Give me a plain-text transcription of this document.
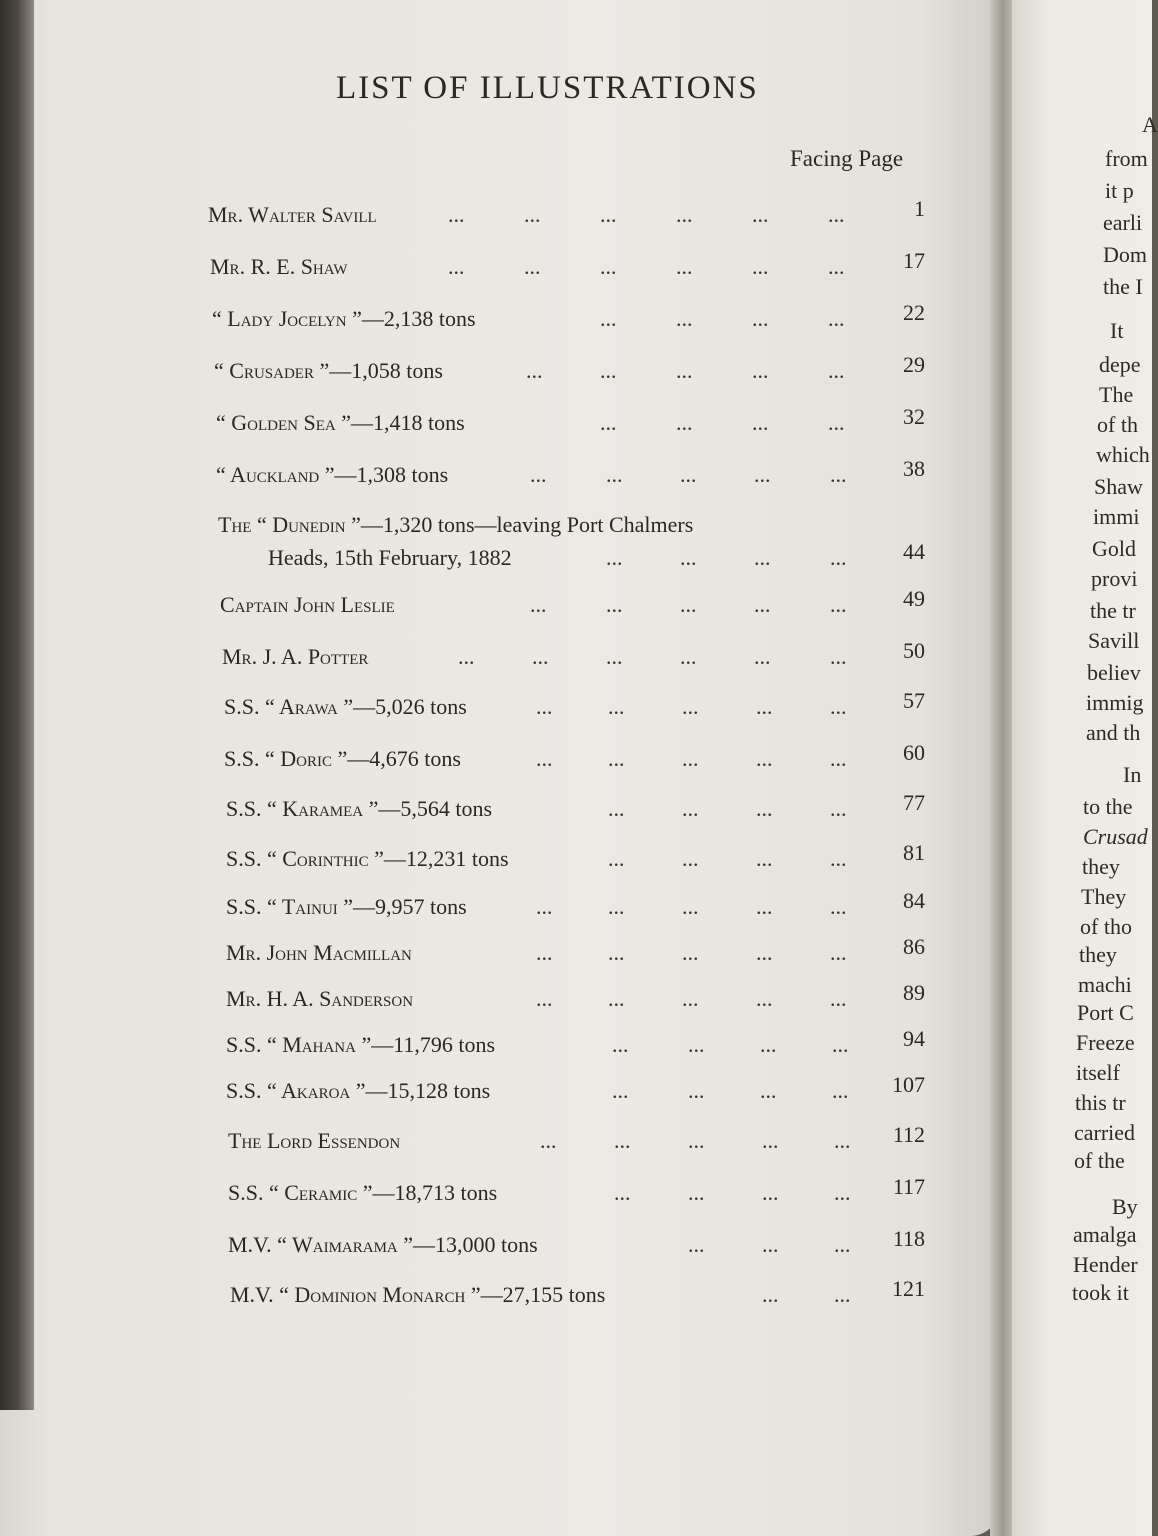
LIST OF ILLUSTRATIONS
Facing Page
Mr. Walter Savill	...	...	...	...	...	...	1
Mr. R. E. Shaw	...	...	...	...	...	...	17
“ Lady Jocelyn ”—2,138 tons	...	...	...	...	22
“ Crusader ”—1,058 tons	...	...	...	...	...	29
“ Golden Sea ”—1,418 tons	...	...	...	...	32
“ Auckland ”—1,308 tons	...	...	...	...	...	38
The “ Dunedin ”—1,320 tons—leaving Port Chalmers
Heads, 15th February, 1882	...	...	...	...	44
Captain John Leslie	...	...	...	...	...	49
Mr. J. A. Potter	...	...	...	...	...	...	50
S.S. “ Arawa ”—5,026 tons	...	...	...	...	...	57
S.S. “ Doric ”—4,676 tons	...	...	...	...	...	60
S.S. “ Karamea ”—5,564 tons	...	...	...	...	77
S.S. “ Corinthic ”—12,231 tons	...	...	...	...	81
S.S. “ Tainui ”—9,957 tons	...	...	...	...	...	84
Mr. John Macmillan	...	...	...	...	...	86
Mr. H. A. Sanderson	...	...	...	...	...	89
S.S. “ Mahana ”—11,796 tons	...	...	...	...	94
S.S. “ Akaroa ”—15,128 tons	...	...	...	...	107
The Lord Essendon	...	...	...	...	...	112
S.S. “ Ceramic ”—18,713 tons	...	...	...	...	117
M.V. “ Waimarama ”—13,000 tons	...	...	...	118
M.V. “ Dominion Monarch ”—27,155 tons	...	...	121
A
from
it p
earli
Dom
the I
It
depe
The
of th
which
Shaw
immi
Gold
provi
the tr
Savill
believ
immig
and th
In
to the
Crusad
they
They
of tho
they
machi
Port C
Freeze
itself
this tr
carried
of the
By
amalga
Hender
took it
